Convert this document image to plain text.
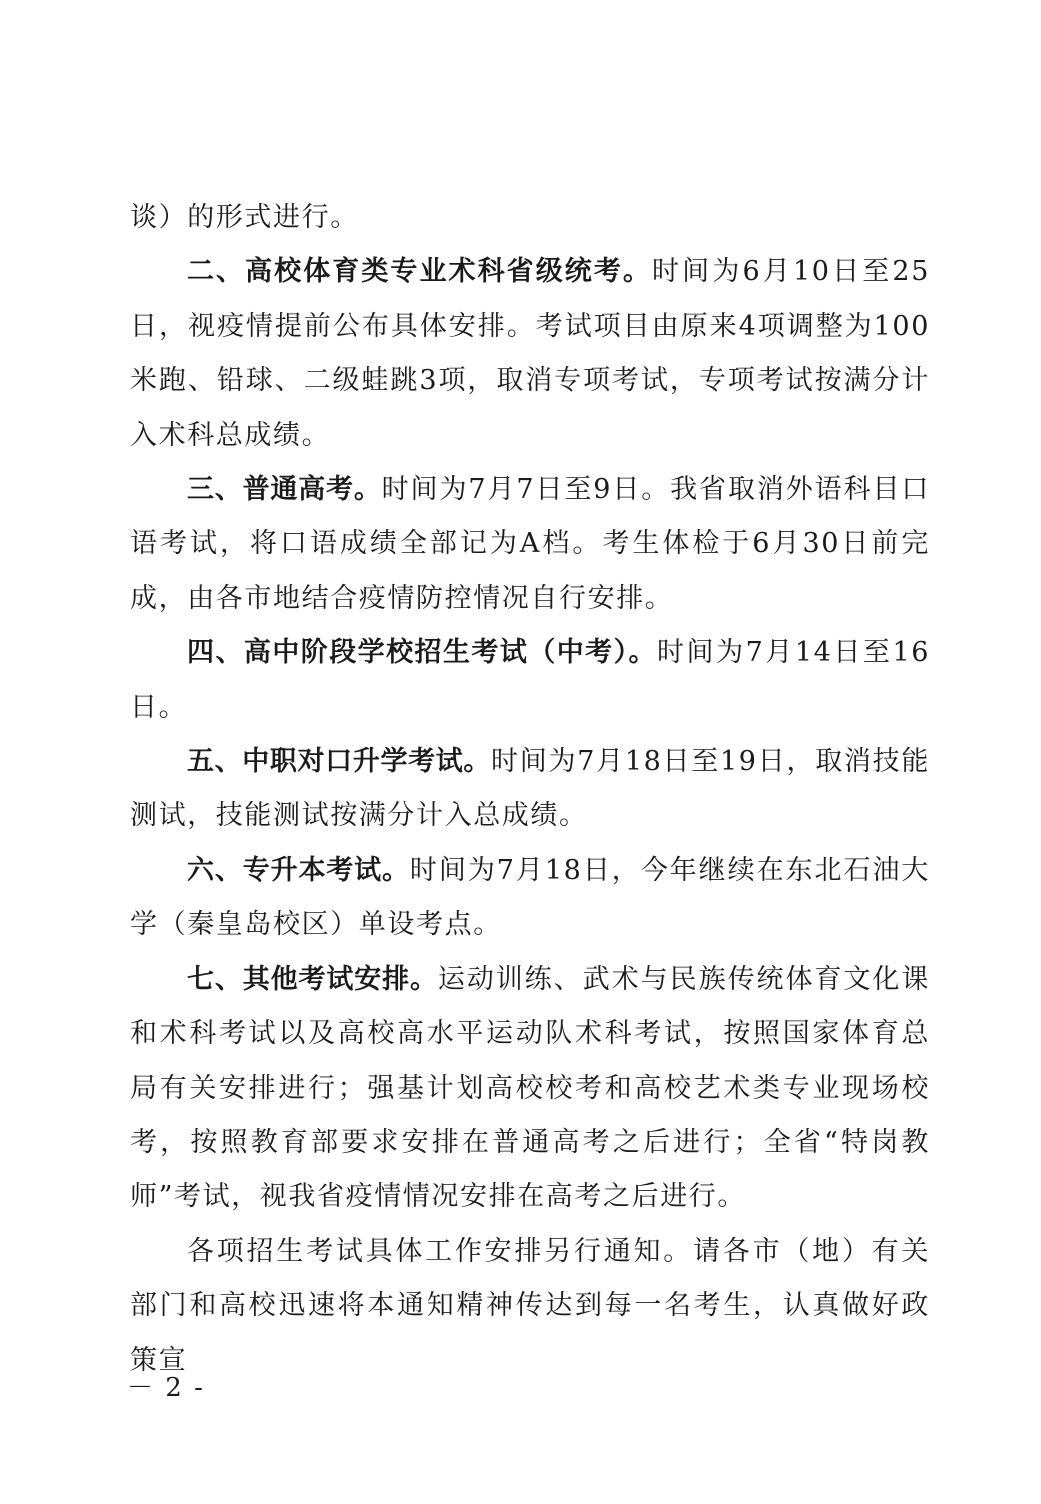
谈）的形式进行。

二、高校体育类专业术科省级统考。时间为6月10日至25日，视疫情提前公布具体安排。考试项目由原来4项调整为100米跑、铅球、二级蛙跳3项，取消专项考试，专项考试按满分计入术科总成绩。

三、普通高考。时间为7月7日至9日。我省取消外语科目口语考试，将口语成绩全部记为A档。考生体检于6月30日前完成，由各市地结合疫情防控情况自行安排。

四、高中阶段学校招生考试（中考）。时间为7月14日至16日。

五、中职对口升学考试。时间为7月18日至19日，取消技能测试，技能测试按满分计入总成绩。

六、专升本考试。时间为7月18日，今年继续在东北石油大学（秦皇岛校区）单设考点。

七、其他考试安排。运动训练、武术与民族传统体育文化课和术科考试以及高校高水平运动队术科考试，按照国家体育总局有关安排进行；强基计划高校校考和高校艺术类专业现场校考，按照教育部要求安排在普通高考之后进行；全省“特岗教师”考试，视我省疫情情况安排在高考之后进行。

各项招生考试具体工作安排另行通知。请各市（地）有关部门和高校迅速将本通知精神传达到每一名考生，认真做好政策宣

－ 2 -
